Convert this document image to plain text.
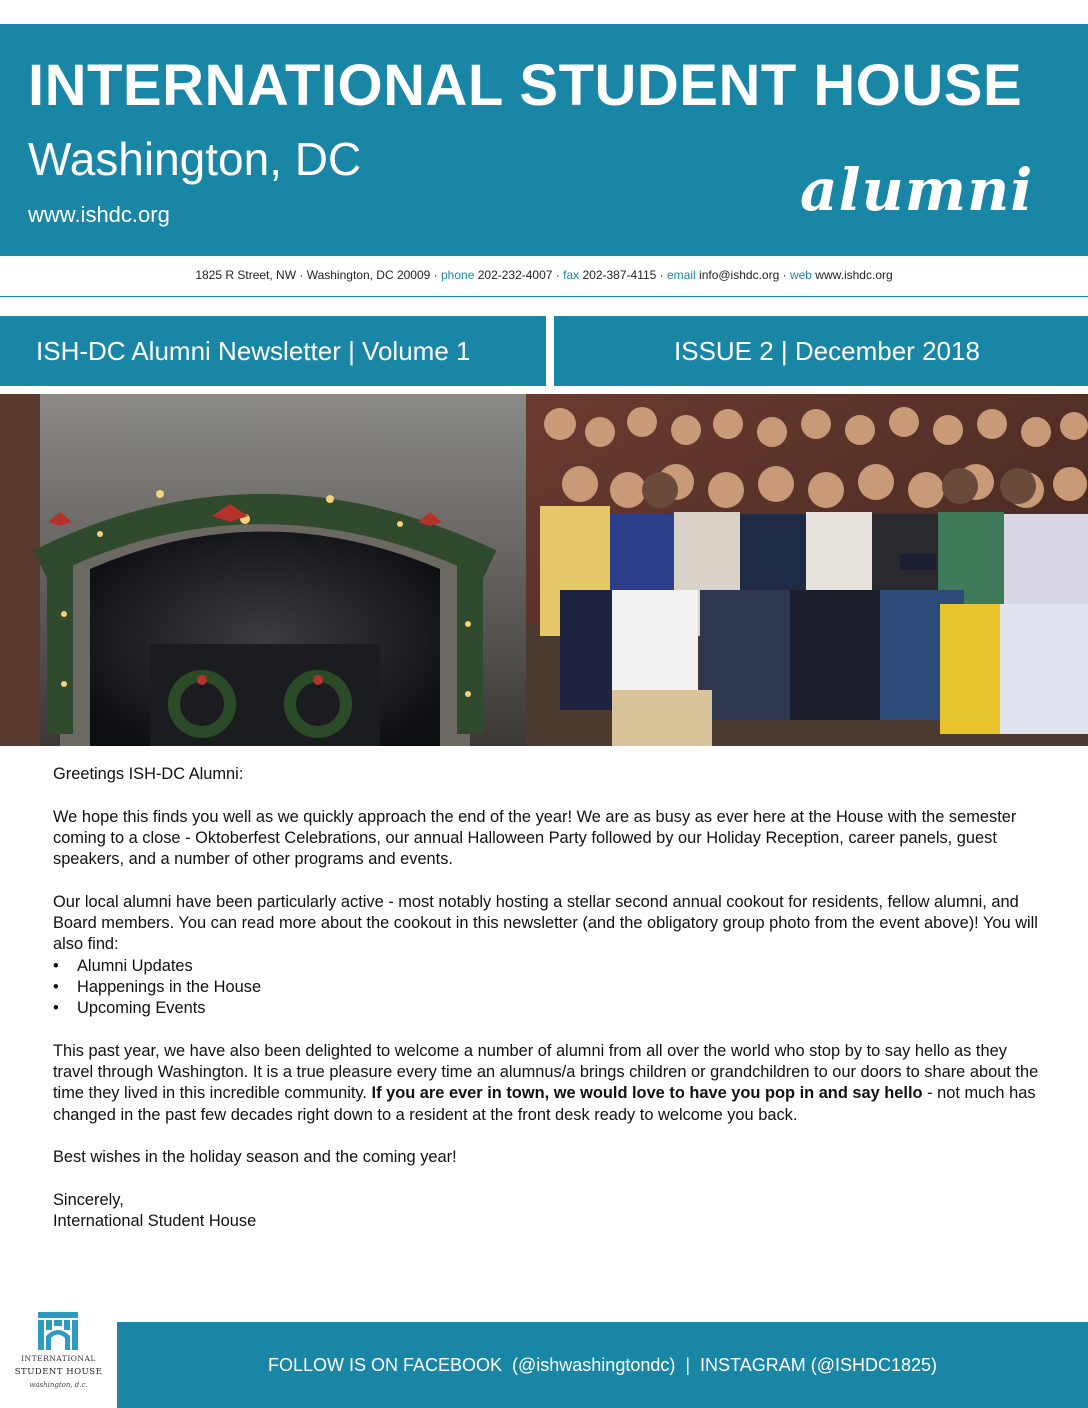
INTERNATIONAL STUDENT HOUSE
Washington, DC
www.ishdc.org	alumni
1825 R Street, NW · Washington, DC 20009 · phone 202-232-4007 · fax 202-387-4115 · email info@ishdc.org · web www.ishdc.org
ISH-DC Alumni Newsletter | Volume 1	ISSUE 2 | December 2018

Greetings ISH-DC Alumni:

We hope this finds you well as we quickly approach the end of the year! We are as busy as ever here at the House with the semester coming to a close - Oktoberfest Celebrations, our annual Halloween Party followed by our Holiday Reception, career panels, guest speakers, and a number of other programs and events.

Our local alumni have been particularly active - most notably hosting a stellar second annual cookout for residents, fellow alumni, and Board members. You can read more about the cookout in this newsletter (and the obligatory group photo from the event above)! You will also find:

• Alumni Updates
• Happenings in the House
• Upcoming Events

This past year, we have also been delighted to welcome a number of alumni from all over the world who stop by to say hello as they travel through Washington. It is a true pleasure every time an alumnus/a brings children or grandchildren to our doors to share about the time they lived in this incredible community. If you are ever in town, we would love to have you pop in and say hello - not much has changed in the past few decades right down to a resident at the front desk ready to welcome you back.

Best wishes in the holiday season and the coming year!

Sincerely,
International Student House
INTERNATIONAL
STUDENT HOUSE
washington, d.c.
FOLLOW IS ON FACEBOOK  (@ishwashingtondc)  |  INSTAGRAM (@ISHDC1825)
